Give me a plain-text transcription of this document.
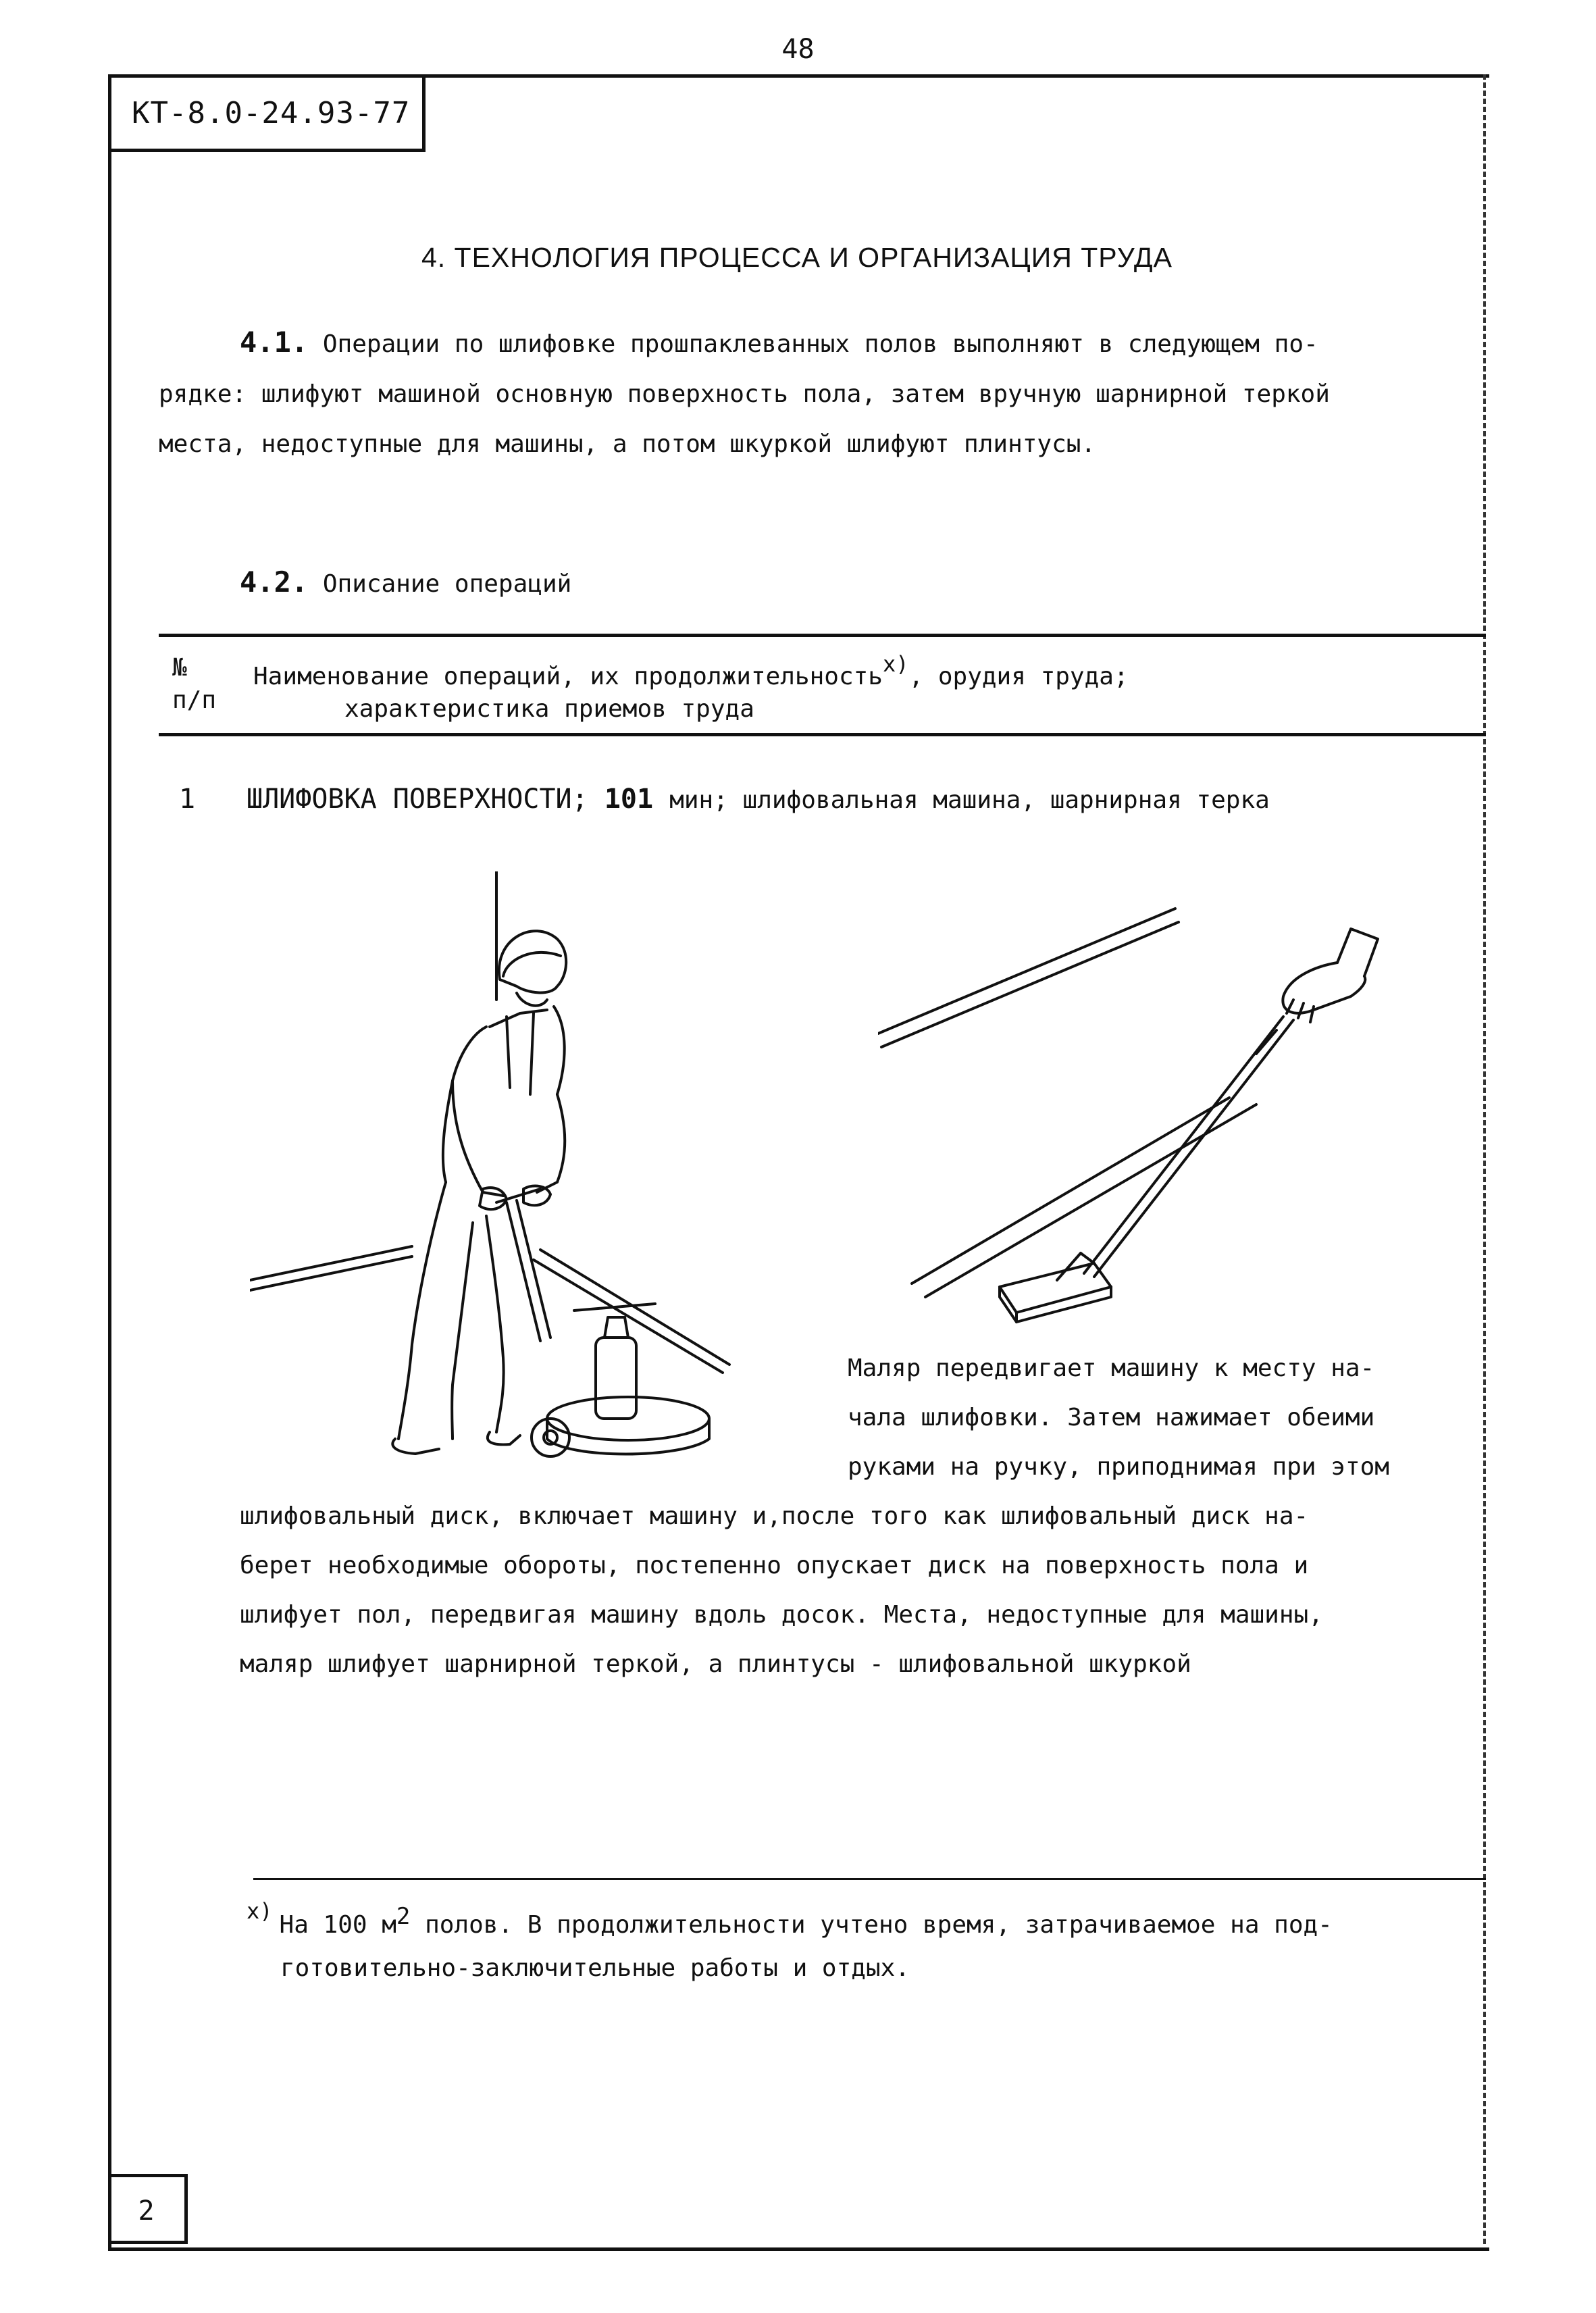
48
КТ-8.0-24.93-77
4. ТЕХНОЛОГИЯ ПРОЦЕССА И ОРГАНИЗАЦИЯ ТРУДА

4.1. Операции по шлифовке прошпаклеванных полов выполняют в следующем по-

рядке: шлифуют машиной основную поверхность пола, затем вручную шарнирной теркой

места, недоступные для машины, а потом шкуркой шлифуют плинтусы.

4.2. Описание операций
№
п/п
Наименование операций, их продолжительность$^{х)}$, орудия труда;
характеристика приемов труда
1 ШЛИФОВКА ПОВЕРХНОСТИ; 101 мин; шлифовальная машина, шарнирная терка
Маляр передвигает машину к месту на-
чала шлифовки. Затем нажимает обеими
руками на ручку, приподнимая при этом
шлифовальный диск, включает машину и,после того как шлифовальный диск на-
берет необходимые обороты, постепенно опускает диск на поверхность пола и
шлифует пол, передвигая машину вдоль досок. Места, недоступные для машины,
маляр шлифует шарнирной теркой, а плинтусы - шлифовальной шкуркой
$^{х)}$ На 100 $м^2$ полов. В продолжительности учтено время, затрачиваемое на под-
готовительно-заключительные работы и отдых.
2
